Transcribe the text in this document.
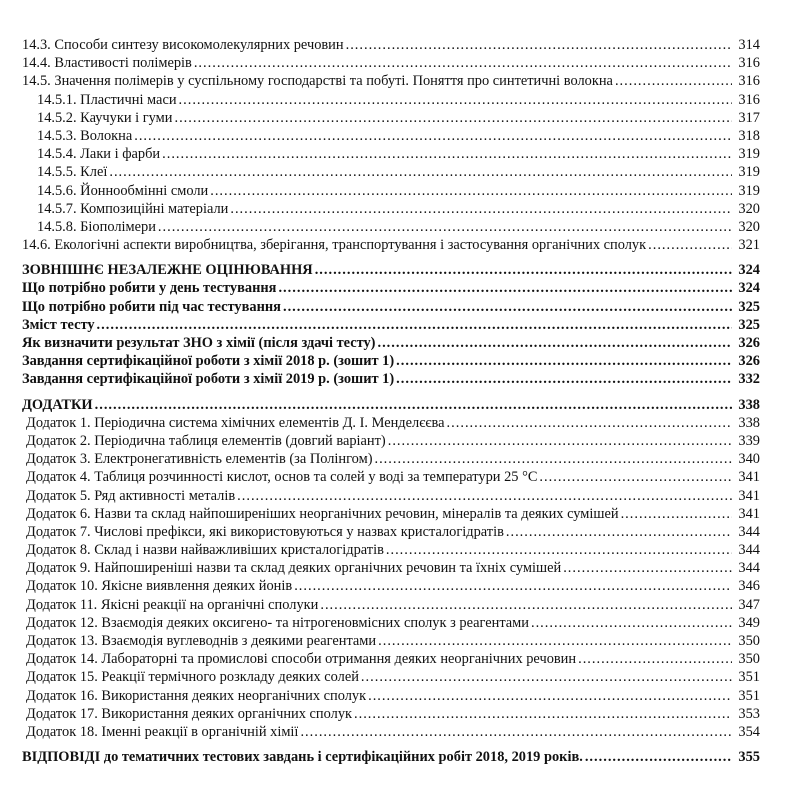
14.3. Способи синтезу високомолекулярних речовин .....	314
14.4. Властивості полімерів .....	316
14.5. Значення полімерів у суспільному господарстві та побуті. Поняття про синтетичні волокна .....	316
14.5.1. Пластичні маси .....	316
14.5.2. Каучуки і гуми .....	317
14.5.3. Волокна .....	318
14.5.4. Лаки і фарби .....	319
14.5.5. Клеї .....	319
14.5.6. Йоннообмінні смоли .....	319
14.5.7. Композиційні матеріали .....	320
14.5.8. Біополімери .....	320
14.6. Екологічні аспекти виробництва, зберігання, транспортування і застосування органічних сполук .....	321
ЗОВНІШНЄ НЕЗАЛЕЖНЕ ОЦІНЮВАННЯ .....	324
Що потрібно робити у день тестування .....	324
Що потрібно робити під час тестування .....	325
Зміст тесту .....	325
Як визначити результат ЗНО з хімії (після здачі тесту) .....	326
Завдання сертифікаційної роботи з хімії 2018 р. (зошит 1) .....	326
Завдання сертифікаційної роботи з хімії 2019 р. (зошит 1) .....	332
ДОДАТКИ .....	338
Додаток 1. Періодична система хімічних елементів Д. І. Менделєєва .....	338
Додаток 2. Періодична таблиця елементів (довгий варіант) .....	339
Додаток 3. Електронегативність елементів (за Полінгом) .....	340
Додаток 4. Таблиця розчинності кислот, основ та солей у воді за температури 25 °С .....	341
Додаток 5. Ряд активності металів .....	341
Додаток 6. Назви та склад найпоширеніших неорганічних речовин, мінералів та деяких сумішей .....	341
Додаток 7. Числові префікси, які використовуються у назвах кристалогідратів .....	344
Додаток 8. Склад і назви найважливіших кристалогідратів .....	344
Додаток 9. Найпоширеніші назви та склад деяких органічних речовин та їхніх сумішей .....	344
Додаток 10. Якісне виявлення деяких йонів .....	346
Додаток 11. Якісні реакції на органічні сполуки .....	347
Додаток 12. Взаємодія деяких оксигено- та нітрогеновмісних сполук з реагентами .....	349
Додаток 13. Взаємодія вуглеводнів з деякими реагентами .....	350
Додаток 14. Лабораторні та промислові способи отримання деяких неорганічних речовин .....	350
Додаток 15. Реакції термічного розкладу деяких солей .....	351
Додаток 16. Використання деяких неорганічних сполук .....	351
Додаток 17. Використання деяких органічних сполук .....	353
Додаток 18. Іменні реакції в органічній хімії .....	354
ВІДПОВІДІ до тематичних тестових завдань і сертифікаційних робіт 2018, 2019 років. .....	355
